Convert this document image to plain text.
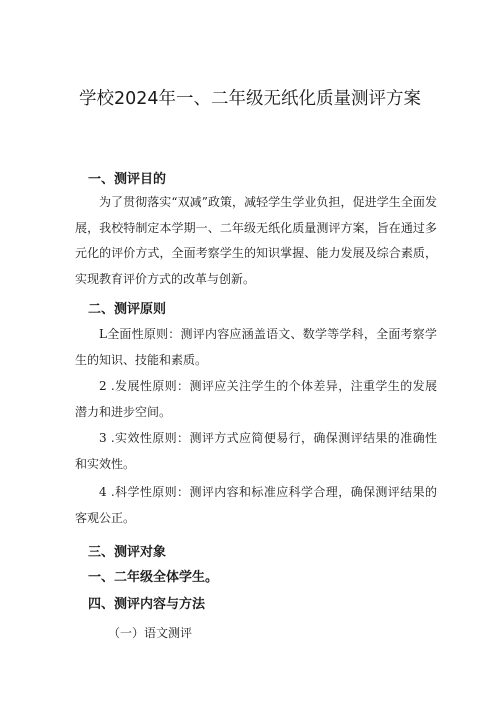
学校2024年一、二年级无纸化质量测评方案
一、测评目的
为了贯彻落实“双减”政策，减轻学生学业负担，促进学生全面发展，我校特制定本学期一、二年级无纸化质量测评方案，旨在通过多元化的评价方式，全面考察学生的知识掌握、能力发展及综合素质，实现教育评价方式的改革与创新。
二、测评原则
L全面性原则：测评内容应涵盖语文、数学等学科，全面考察学生的知识、技能和素质。
2 .发展性原则：测评应关注学生的个体差异，注重学生的发展潜力和进步空间。
3 .实效性原则：测评方式应简便易行，确保测评结果的准确性和实效性。
4 .科学性原则：测评内容和标准应科学合理，确保测评结果的客观公正。
三、测评对象
一、二年级全体学生。
四、测评内容与方法
（一）语文测评
